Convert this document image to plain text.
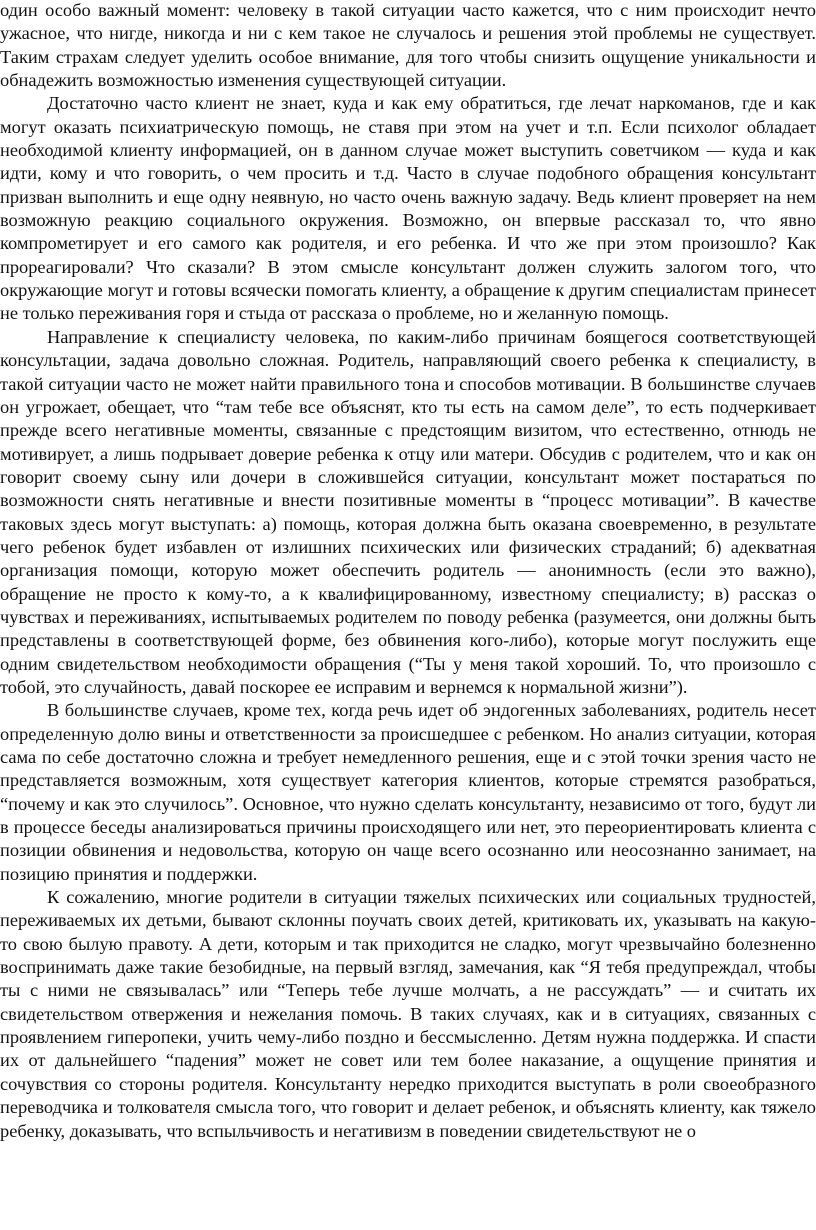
один особо важный момент: человеку в такой ситуации часто кажется, что с ним происходит нечто ужасное, что нигде, никогда и ни с кем такое не случалось и решения этой проблемы не существует. Таким страхам следует уделить особое внимание, для того чтобы снизить ощущение уникальности и обнадежить возможностью изменения существующей ситуации.

Достаточно часто клиент не знает, куда и как ему обратиться, где лечат наркоманов, где и как могут оказать психиатрическую помощь, не ставя при этом на учет и т.п. Если психолог обладает необходимой клиенту информацией, он в данном случае может выступить советчиком — куда и как идти, кому и что говорить, о чем просить и т.д. Часто в случае подобного обращения консультант призван выполнить и еще одну неявную, но часто очень важную задачу. Ведь клиент проверяет на нем возможную реакцию социального окружения. Возможно, он впервые рассказал то, что явно компрометирует и его самого как родителя, и его ребенка. И что же при этом произошло? Как прореагировали? Что сказали? В этом смысле консультант должен служить залогом того, что окружающие могут и готовы всячески помогать клиенту, а обращение к другим специалистам принесет не только переживания горя и стыда от рассказа о проблеме, но и желанную помощь.

Направление к специалисту человека, по каким-либо причинам боящегося соответствующей консультации, задача довольно сложная. Родитель, направляющий своего ребенка к специалисту, в такой ситуации часто не может найти правильного тона и способов мотивации. В большинстве случаев он угрожает, обещает, что “там тебе все объяснят, кто ты есть на самом деле”, то есть подчеркивает прежде всего негативные моменты, связанные с предстоящим визитом, что естественно, отнюдь не мотивирует, а лишь подрывает доверие ребенка к отцу или матери. Обсудив с родителем, что и как он говорит своему сыну или дочери в сложившейся ситуации, консультант может постараться по возможности снять негативные и внести позитивные моменты в “процесс мотивации”. В качестве таковых здесь могут выступать: а) помощь, которая должна быть оказана своевременно, в результате чего ребенок будет избавлен от излишних психических или физических страданий; б) адекватная организация помощи, которую может обеспечить родитель — анонимность (если это важно), обращение не просто к кому-то, а к квалифицированному, известному специалисту; в) рассказ о чувствах и переживаниях, испытываемых родителем по поводу ребенка (разумеется, они должны быть представлены в соответствующей форме, без обвинения кого-либо), которые могут послужить еще одним свидетельством необходимости обращения (“Ты у меня такой хороший. То, что произошло с тобой, это случайность, давай поскорее ее исправим и вернемся к нормальной жизни”).

В большинстве случаев, кроме тех, когда речь идет об эндогенных заболеваниях, родитель несет определенную долю вины и ответственности за происшедшее с ребенком. Но анализ ситуации, которая сама по себе достаточно сложна и требует немедленного решения, еще и с этой точки зрения часто не представляется возможным, хотя существует категория клиентов, которые стремятся разобраться, “почему и как это случилось”. Основное, что нужно сделать консультанту, независимо от того, будут ли в процессе беседы анализироваться причины происходящего или нет, это переориентировать клиента с позиции обвинения и недовольства, которую он чаще всего осознанно или неосознанно занимает, на позицию принятия и поддержки.

К сожалению, многие родители в ситуации тяжелых психических или социальных трудностей, переживаемых их детьми, бывают склонны поучать своих детей, критиковать их, указывать на какую-то свою былую правоту. А дети, которым и так приходится не сладко, могут чрезвычайно болезненно воспринимать даже такие безобидные, на первый взгляд, замечания, как “Я тебя предупреждал, чтобы ты с ними не связывалась” или “Теперь тебе лучше молчать, а не рассуждать” — и считать их свидетельством отвержения и нежелания помочь. В таких случаях, как и в ситуациях, связанных с проявлением гиперопеки, учить чему-либо поздно и бессмысленно. Детям нужна поддержка. И спасти их от дальнейшего “падения” может не совет или тем более наказание, а ощущение принятия и сочувствия со стороны родителя. Консультанту нередко приходится выступать в роли своеобразного переводчика и толкователя смысла того, что говорит и делает ребенок, и объяснять клиенту, как тяжело ребенку, доказывать, что вспыльчивость и негативизм в поведении свидетельствуют не о
